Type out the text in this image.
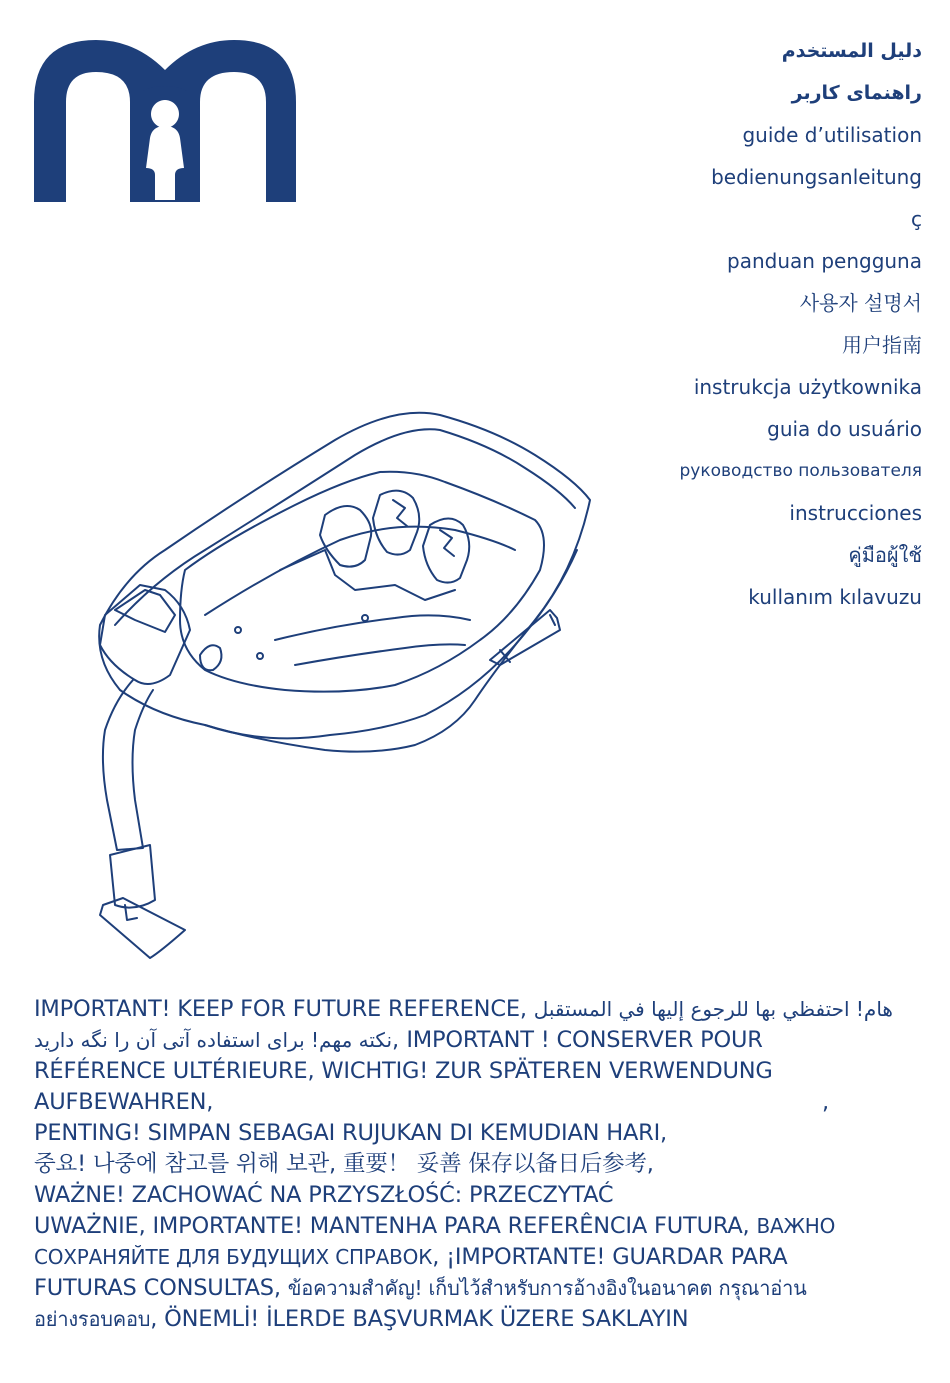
دليل المستخدم
راهنمای کاربر
guide d’utilisation
bedienungsanleitung
ç
panduan pengguna
사용자 설명서
用户指南
instrukcja użytkownika
guia do usuário
руководство пользователя
instrucciones
คู่มือผู้ใช้
kullanım kılavuzu
IMPORTANT! KEEP FOR FUTURE REFERENCE, هام! احتفظي بها للرجوع إليها في المستقبل
نکته مهم! برای استفاده آتی آن را نگه دارید, IMPORTANT ! CONSERVER POUR
RÉFÉRENCE ULTÉRIEURE, WICHTIG! ZUR SPÄTEREN VERWENDUNG
AUFBEWAHREN,	,
PENTING! SIMPAN SEBAGAI RUJUKAN DI KEMUDIAN HARI,
중요! 나중에 참고를 위해 보관, 重要！ 妥善 保存以备日后参考,
WAŻNE! ZACHOWAĆ NA PRZYSZŁOŚĆ: PRZECZYTAĆ
UWAŻNIE, IMPORTANTE! MANTENHA PARA REFERÊNCIA FUTURA, ВАЖНО
СОХРАНЯЙТЕ ДЛЯ БУДУЩИХ СПРАВОК, ¡IMPORTANTE! GUARDAR PARA
FUTURAS CONSULTAS, ข้อความสำคัญ! เก็บไว้สำหรับการอ้างอิงในอนาคต กรุณาอ่าน
อย่างรอบคอบ, ÖNEMLİ! İLERDE BAŞVURMAK ÜZERE SAKLAYIN
